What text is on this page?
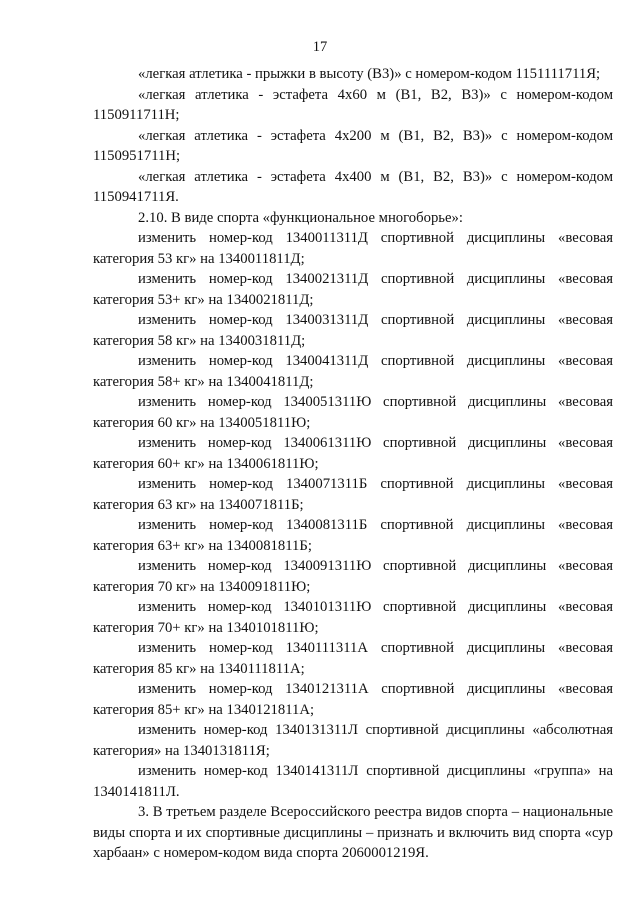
17

«легкая атлетика - прыжки в высоту (В3)» с номером-кодом 1151111711Я;

«легкая атлетика - эстафета 4х60 м (В1, В2, В3)» с номером-кодом 1150911711Н;

«легкая атлетика - эстафета 4х200 м (В1, В2, В3)» с номером-кодом 1150951711Н;

«легкая атлетика - эстафета 4х400 м (В1, В2, В3)» с номером-кодом 1150941711Я.

2.10. В виде спорта «функциональное многоборье»:

изменить номер-код 1340011311Д спортивной дисциплины «весовая категория 53 кг» на 1340011811Д;

изменить номер-код 1340021311Д спортивной дисциплины «весовая категория 53+ кг» на 1340021811Д;

изменить номер-код 1340031311Д спортивной дисциплины «весовая категория 58 кг» на 1340031811Д;

изменить номер-код 1340041311Д спортивной дисциплины «весовая категория 58+ кг» на 1340041811Д;

изменить номер-код 1340051311Ю спортивной дисциплины «весовая категория 60 кг» на 1340051811Ю;

изменить номер-код 1340061311Ю спортивной дисциплины «весовая категория 60+ кг» на 1340061811Ю;

изменить номер-код 1340071311Б спортивной дисциплины «весовая категория 63 кг» на 1340071811Б;

изменить номер-код 1340081311Б спортивной дисциплины «весовая категория 63+ кг» на 1340081811Б;

изменить номер-код 1340091311Ю спортивной дисциплины «весовая категория 70 кг» на 1340091811Ю;

изменить номер-код 1340101311Ю спортивной дисциплины «весовая категория 70+ кг» на 1340101811Ю;

изменить номер-код 1340111311А спортивной дисциплины «весовая категория 85 кг» на 1340111811А;

изменить номер-код 1340121311А спортивной дисциплины «весовая категория 85+ кг» на 1340121811А;

изменить номер-код 1340131311Л спортивной дисциплины «абсолютная категория» на 1340131811Я;

изменить номер-код 1340141311Л спортивной дисциплины «группа» на 1340141811Л.

3. В третьем разделе Всероссийского реестра видов спорта – национальные виды спорта и их спортивные дисциплины – признать и включить вид спорта «сур харбаан» с номером-кодом вида спорта 2060001219Я.
